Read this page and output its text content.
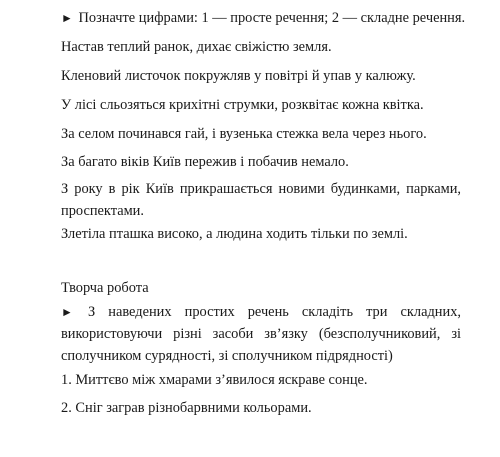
► Позначте цифрами: 1 — просте речення; 2 — складне речення.
Настав теплий ранок, дихає свіжістю земля.
Кленовий листочок покружляв у повітрі й упав у калюжу.
У лісі сльозяться крихітні струмки, розквітає кожна квітка.
За селом починався гай, і вузенька стежка вела через нього.
За багато віків Київ пережив і побачив немало.
З року в рік Київ прикрашається новими будинками, парками, проспектами.
Злетіла пташка високо, а людина ходить тільки по землі.
Творча робота
► З наведених простих речень складіть три складних, використовуючи різні засоби зв’язку (безсполучниковий, зі сполучником сурядності, зі сполучником підрядності)
1. Миттєво між хмарами з’явилося яскраве сонце.
2. Сніг заграв різнобарвними кольорами.
